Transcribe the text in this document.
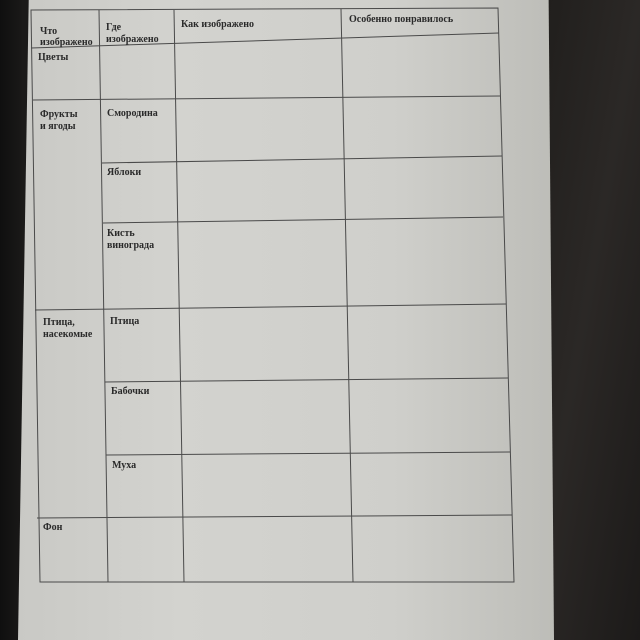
Что
изображено
Где
изображено
Как изображено	Особенно понравилось
Цветы
Фрукты
и ягоды
Птица,
насекомые
Фон
Смородина
Яблоки
Кисть
винограда
Птица
Бабочки
Муха
